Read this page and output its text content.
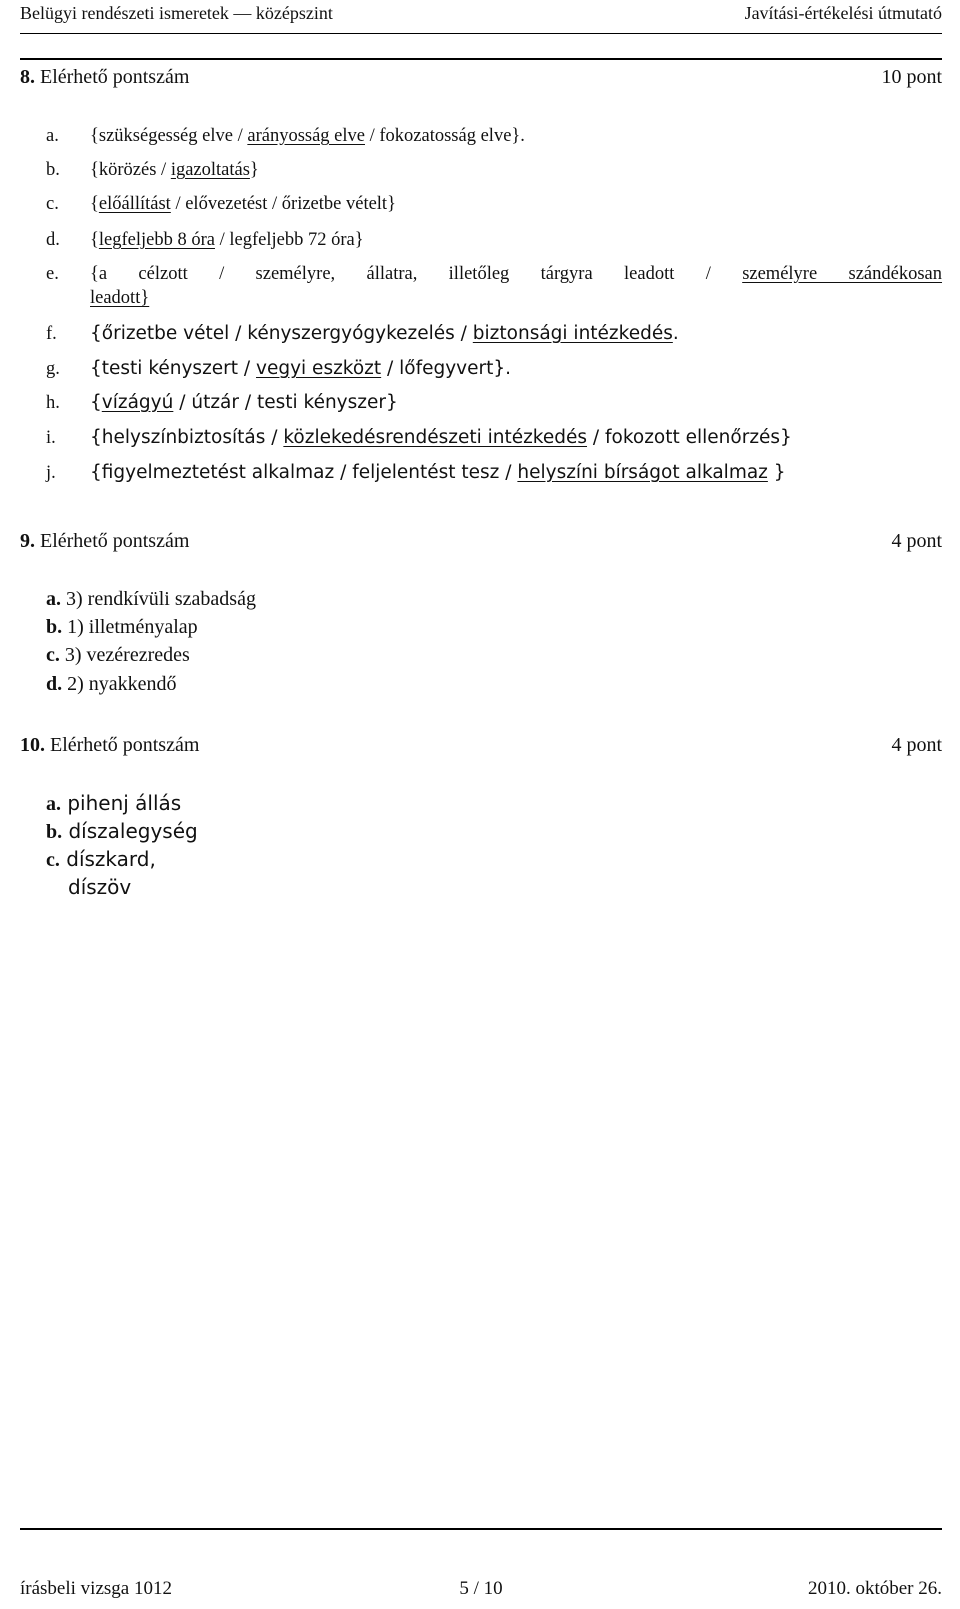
Belügyi rendészeti ismeretek — középszint	Javítási-értékelési útmutató
8. Elérhető pontszám	10 pont
a. {szükségesség elve / arányosság elve / fokozatosság elve}.
b. {körözés / igazoltatás}
c. {előállítást / elővezetést / őrizetbe vételt}
d. {legfeljebb 8 óra / legfeljebb 72 óra}
e. {a célzott / személyre, állatra, illetőleg tárgyra leadott / személyre szándékosan
leadott}
f. {őrizetbe vétel / kényszergyógykezelés / biztonsági intézkedés.
g. {testi kényszert / vegyi eszközt / lőfegyvert}.
h. {vízágyú / útzár / testi kényszer}
i. {helyszínbiztosítás / közlekedésrendészeti intézkedés / fokozott ellenőrzés}
j. {figyelmeztetést alkalmaz / feljelentést tesz / helyszíni bírságot alkalmaz }
9. Elérhető pontszám	4 pont
a. 3) rendkívüli szabadság
b. 1) illetményalap
c. 3) vezérezredes
d. 2) nyakkendő
10. Elérhető pontszám	4 pont
a. pihenj állás
b. díszalegység
c. díszkard,
díszöv
írásbeli vizsga 1012	5 / 10	2010. október 26.
